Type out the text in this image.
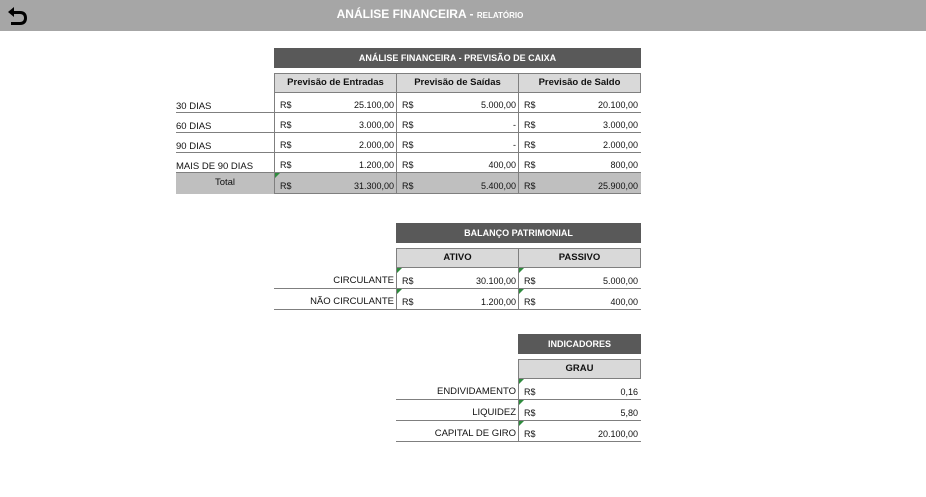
ANÁLISE FINANCEIRA - RELATÓRIO
ANÁLISE FINANCEIRA - PREVISÃO DE CAIXA
Previsão de Entradas	Previsão de Saídas	Previsão de Saldo
30 DIAS	R$	25.100,00 R$	5.000,00 R$	20.100,00
60 DIAS	R$	3.000,00 R$	- R$	3.000,00
90 DIAS	R$	2.000,00 R$	- R$	2.000,00
MAIS DE 90 DIAS	R$	1.200,00 R$	400,00 R$	800,00
Total	R$	31.300,00 R$	5.400,00 R$	25.900,00
BALANÇO PATRIMONIAL
ATIVO	PASSIVO
CIRCULANTE R$	30.100,00 R$	5.000,00
NÃO CIRCULANTE R$	1.200,00 R$	400,00
INDICADORES
GRAU
ENDIVIDAMENTO R$	0,16
LIQUIDEZ R$	5,80
CAPITAL DE GIRO R$	20.100,00
